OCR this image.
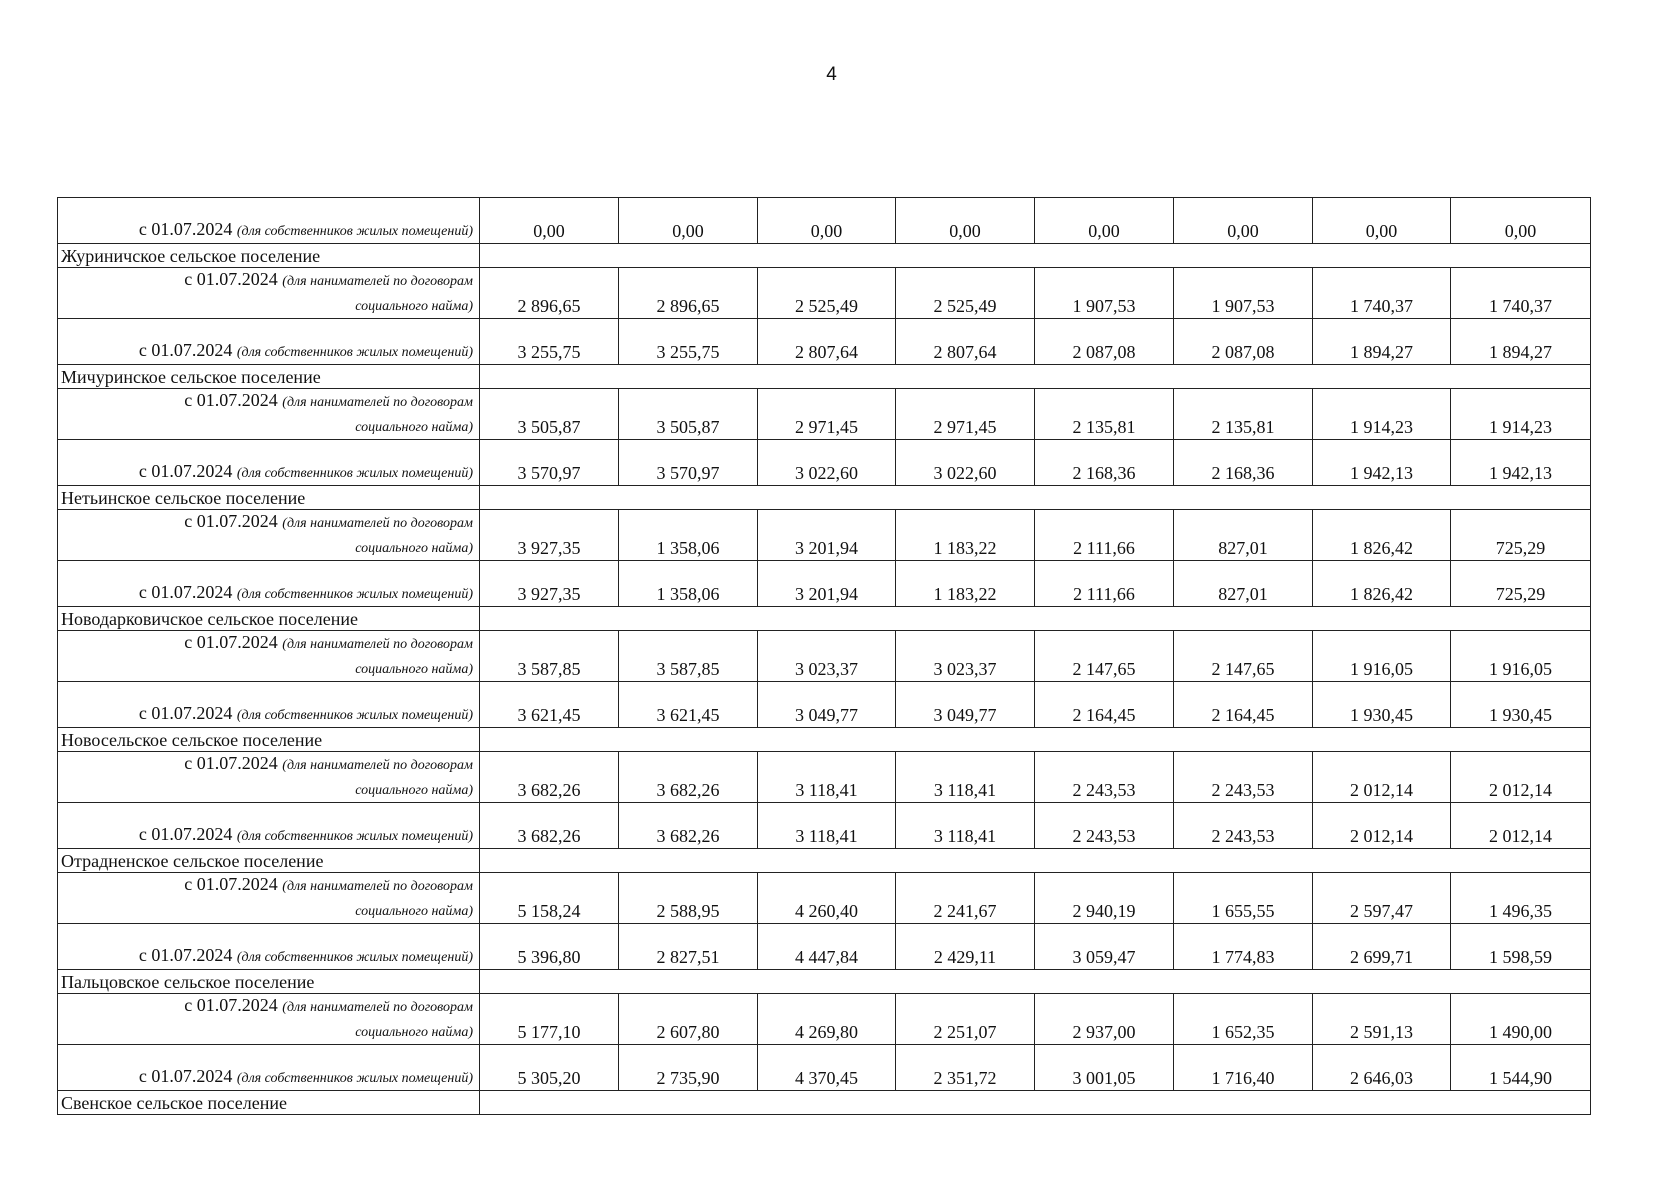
4
с 01.07.2024 (для собственников жилых помещений)	0,00	0,00	0,00	0,00	0,00	0,00	0,00	0,00
Журиничское сельское поселение								
с 01.07.2024 (для нанимателей по договорам
социального найма)	2 896,65	2 896,65	2 525,49	2 525,49	1 907,53	1 907,53	1 740,37	1 740,37
с 01.07.2024 (для собственников жилых помещений)	3 255,75	3 255,75	2 807,64	2 807,64	2 087,08	2 087,08	1 894,27	1 894,27
Мичуринское сельскоe поселение								
с 01.07.2024 (для нанимателей по договорам
социального найма)	3 505,87	3 505,87	2 971,45	2 971,45	2 135,81	2 135,81	1 914,23	1 914,23
с 01.07.2024 (для собственников жилых помещений)	3 570,97	3 570,97	3 022,60	3 022,60	2 168,36	2 168,36	1 942,13	1 942,13
Нетьинское сельское поселение								
с 01.07.2024 (для нанимателей по договорам
социального найма)	3 927,35	1 358,06	3 201,94	1 183,22	2 111,66	827,01	1 826,42	725,29
с 01.07.2024 (для собственников жилых помещений)	3 927,35	1 358,06	3 201,94	1 183,22	2 111,66	827,01	1 826,42	725,29
Новодарковичское сельское поселение								
с 01.07.2024 (для нанимателей по договорам
социального найма)	3 587,85	3 587,85	3 023,37	3 023,37	2 147,65	2 147,65	1 916,05	1 916,05
с 01.07.2024 (для собственников жилых помещений)	3 621,45	3 621,45	3 049,77	3 049,77	2 164,45	2 164,45	1 930,45	1 930,45
Новосельское сельское поселение								
с 01.07.2024 (для нанимателей по договорам
социального найма)	3 682,26	3 682,26	3 118,41	3 118,41	2 243,53	2 243,53	2 012,14	2 012,14
с 01.07.2024 (для собственников жилых помещений)	3 682,26	3 682,26	3 118,41	3 118,41	2 243,53	2 243,53	2 012,14	2 012,14
Отрадненское сельское поселение								
с 01.07.2024 (для нанимателей по договорам
социального найма)	5 158,24	2 588,95	4 260,40	2 241,67	2 940,19	1 655,55	2 597,47	1 496,35
с 01.07.2024 (для собственников жилых помещений)	5 396,80	2 827,51	4 447,84	2 429,11	3 059,47	1 774,83	2 699,71	1 598,59
Пальцовское сельское поселение								
с 01.07.2024 (для нанимателей по договорам
социального найма)	5 177,10	2 607,80	4 269,80	2 251,07	2 937,00	1 652,35	2 591,13	1 490,00
с 01.07.2024 (для собственников жилых помещений)	5 305,20	2 735,90	4 370,45	2 351,72	3 001,05	1 716,40	2 646,03	1 544,90
Свенское сельское поселение								
